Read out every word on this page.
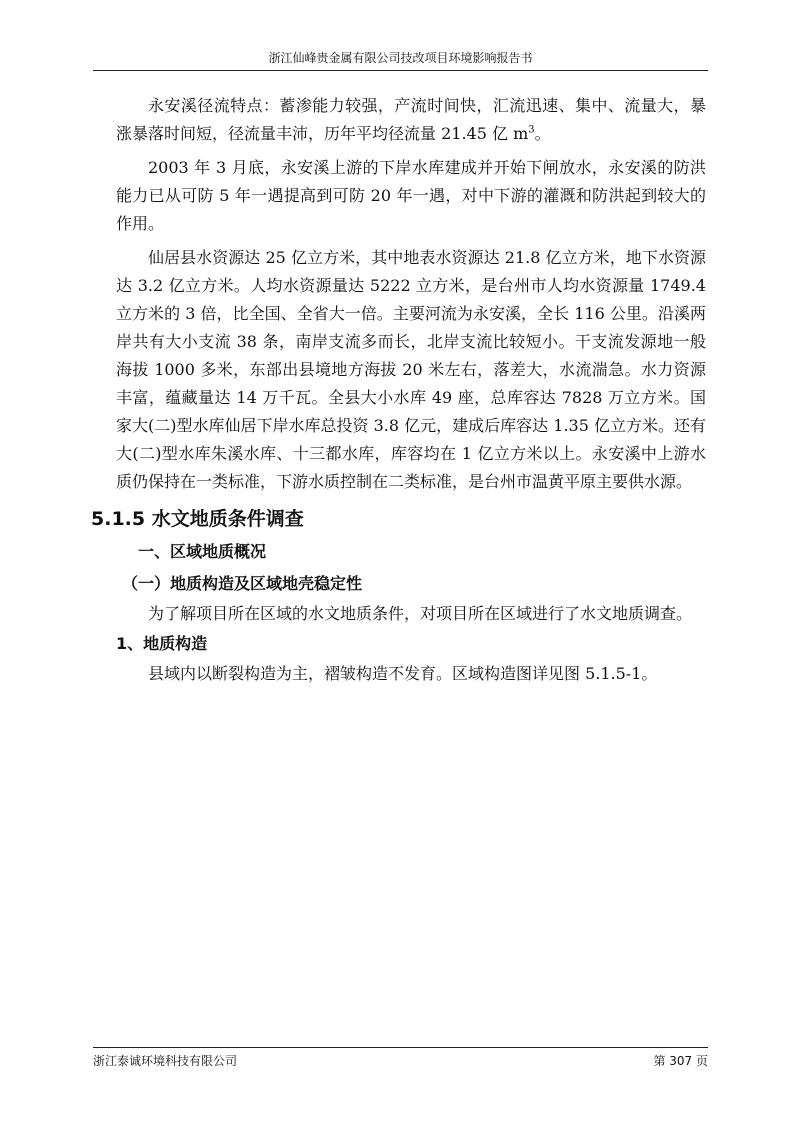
浙江仙峰贵金属有限公司技改项目环境影响报告书

永安溪径流特点：蓄渗能力较强，产流时间快，汇流迅速、集中、流量大，暴涨暴落时间短，径流量丰沛，历年平均径流量 21.45 亿 $m^3$。

2003 年 3 月底，永安溪上游的下岸水库建成并开始下闸放水，永安溪的防洪能力已从可防 5 年一遇提高到可防 20 年一遇，对中下游的灌溉和防洪起到较大的作用。

仙居县水资源达 25 亿立方米，其中地表水资源达 21.8 亿立方米，地下水资源达 3.2 亿立方米。人均水资源量达 5222 立方米，是台州市人均水资源量 1749.4 立方米的 3 倍，比全国、全省大一倍。主要河流为永安溪，全长 116 公里。沿溪两岸共有大小支流 38 条，南岸支流多而长，北岸支流比较短小。干支流发源地一般海拔 1000 多米，东部出县境地方海拔 20 米左右，落差大，水流湍急。水力资源丰富，蕴藏量达 14 万千瓦。全县大小水库 49 座，总库容达 7828 万立方米。国家大(二)型水库仙居下岸水库总投资 3.8 亿元，建成后库容达 1.35 亿立方米。还有大(二)型水库朱溪水库、十三都水库，库容均在 1 亿立方米以上。永安溪中上游水质仍保持在一类标准，下游水质控制在二类标准，是台州市温黄平原主要供水源。

5.1.5 水文地质条件调查
一、区域地质概况
（一）地质构造及区域地壳稳定性

为了解项目所在区域的水文地质条件，对项目所在区域进行了水文地质调查。

1、地质构造

县域内以断裂构造为主，褶皱构造不发育。区域构造图详见图 5.1.5-1。

浙江泰诚环境科技有限公司	第 307 页
